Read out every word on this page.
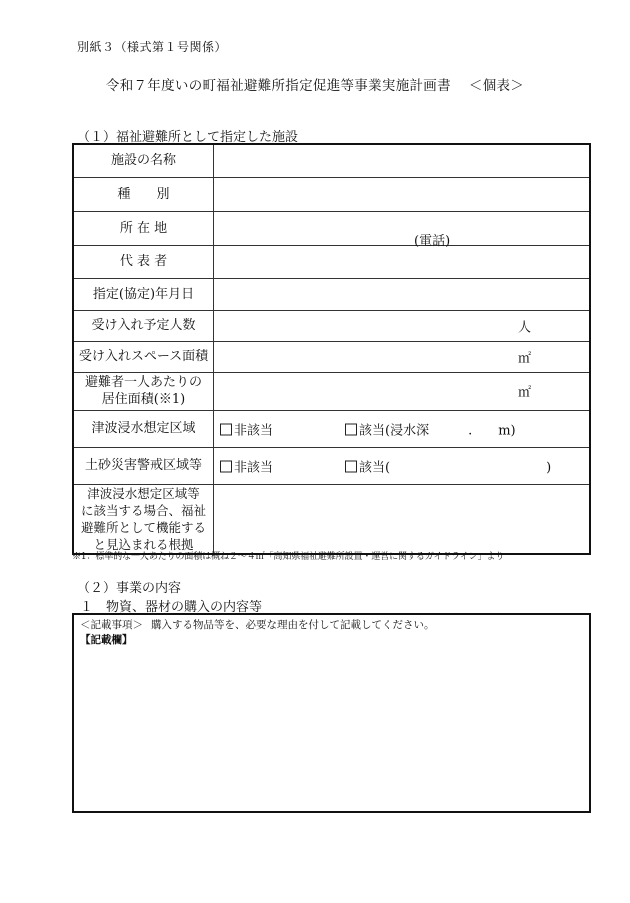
別紙３（様式第１号関係）
令和７年度いの町福祉避難所指定促進等事業実施計画書 ＜個表＞
（１）福祉避難所として指定した施設
施設の名称	
種　　別	
所 在 地	(電話)

代 表 者	
指定(協定)年月日	
受け入れ予定人数	人

受け入れスペース面積	㎡

避難者一人あたりの
居住面積(※1)	㎡

津波浸水想定区域	非該当 該当(浸水深　　　.　　m)

土砂災害警戒区域等	非該当 該当(　　　　　　　　　　　　)

津波浸水想定区域等
に該当する場合、福祉
避難所として機能する
と見込まれる根拠	

※1：標準的な一人あたりの面積は概ね２～４㎡「高知県福祉避難所設置・運営に関するガイドライン」より
（２）事業の内容
１　物資、器材の購入の内容等
＜記載事項＞ 購入する物品等を、必要な理由を付して記載してください。
【記載欄】
